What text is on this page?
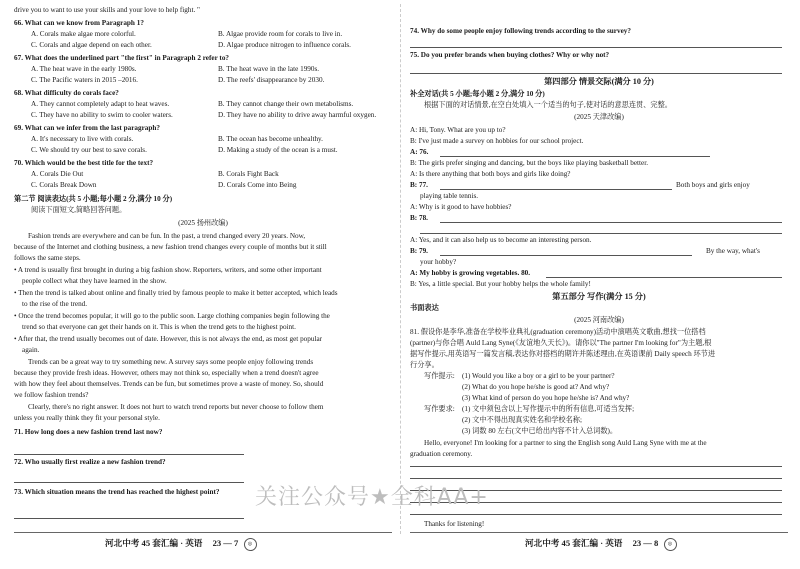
drive you to want to use your skills and your love to help fight. "
66. What can we know from Paragraph 1?
A. Corals make algae more colorful.	B. Algae provide room for corals to live in.
C. Corals and algae depend on each other.	D. Algae produce nitrogen to influence corals.
67. What does the underlined part "the first" in Paragraph 2 refer to?
A. The heat wave in the early 1980s.	B. The heat wave in the late 1990s.
C. The Pacific waters in 2015 –2016.	D. The reefs' disappearance by 2030.
68. What difficulty do corals face?
A. They cannot completely adapt to heat waves.	B. They cannot change their own metabolisms.
C. They have no ability to swim to cooler waters.	D. They have no ability to drive away harmful oxygen.
69. What can we infer from the last paragraph?
A. It's necessary to live with corals.	B. The ocean has become unhealthy.
C. We should try our best to save corals.	D. Making a study of the ocean is a must.
70. Which would be the best title for the text?
A. Corals Die Out	B. Corals Fight Back
C. Corals Break Down	D. Corals Come into Being
第二节 阅读表达(共 5 小题;每小题 2 分,满分 10 分)
阅读下面短文,简略回答问题。
(2025 扬州改编)
Fashion trends are everywhere and can be fun. In the past, a trend changed every 20 years. Now,
because of the Internet and clothing business, a new fashion trend changes every couple of months but it still
follows the same steps.
• A trend is usually first brought in during a big fashion show. Reporters, writers, and some other important
people collect what they have learned in the show.
• Then the trend is talked about online and finally tried by famous people to make it better accepted, which leads
to the rise of the trend.
• Once the trend becomes popular, it will go to the public soon. Large clothing companies begin following the
trend so that everyone can get their hands on it. This is when the trend gets to the highest point.
• After that, the trend usually becomes out of date. However, this is not always the end, as most get popular
again.
Trends can be a great way to try something new. A survey says some people enjoy following trends
because they provide fresh ideas. However, others may not think so, especially when a trend doesn't agree
with how they feel about themselves. Trends can be fun, but sometimes prove a waste of money. So, should
we follow fashion trends?
Clearly, there's no right answer. It does not hurt to watch trend reports but never choose to follow them
unless you really think they fit your personal style.
71. How long does a new fashion trend last now?
72. Who usually first realize a new fashion trend?
73. Which situation means the trend has reached the highest point?
河北中考 45 套汇编 · 英语 23 — 7 ◎
74. Why do some people enjoy following trends according to the survey?
75. Do you prefer brands when buying clothes? Why or why not?
第四部分 情景交际(满分 10 分)
补全对话(共 5 小题;每小题 2 分,满分 10 分)
根据下面的对话情景,在空白处填入一个适当的句子,使对话的意思连贯、完整。
(2025 天津改编)
A: Hi, Tony. What are you up to?
B: I've just made a survey on hobbies for our school project.
A: 76.
B: The girls prefer singing and dancing, but the boys like playing basketball better.
A: Is there anything that both boys and girls like doing?
B: 77.	Both boys and girls enjoy
playing table tennis.
A: Why is it good to have hobbies?
B: 78.
A: Yes, and it can also help us to become an interesting person.
B: 79.	By the way, what's
your hobby?
A: My hobby is growing vegetables. 80.
B: Yes, a little special. But your hobby helps the whole family!
第五部分 写作(满分 15 分)
书面表达
(2025 河南改编)
81. 假设你是李华,准备在学校毕业典礼(graduation ceremony)活动中演唱英文歌曲,想找一位搭档
(partner)与你合唱 Auld Lang Syne(《友谊地久天长》)。请你以"The partner I'm looking for"为主题,根
据写作提示,用英语写一篇发言稿,表达你对搭档的期许并陈述理由,在英语课前 Daily speech 环节进
行分享。
写作提示: (1) Would you like a boy or a girl to be your partner?
(2) What do you hope he/she is good at? And why?
(3) What kind of person do you hope he/she is? And why?
写作要求: (1) 文中须包含以上写作提示中的所有信息,可适当发挥;
(2) 文中不得出现真实姓名和学校名称;
(3) 词数 80 左右(文中已给出内容不计入总词数)。
Hello, everyone! I'm looking for a partner to sing the English song Auld Lang Syne with me at the
graduation ceremony.
Thanks for listening!
河北中考 45 套汇编 · 英语 23 — 8 ◎
关注公众号★全科AA+
